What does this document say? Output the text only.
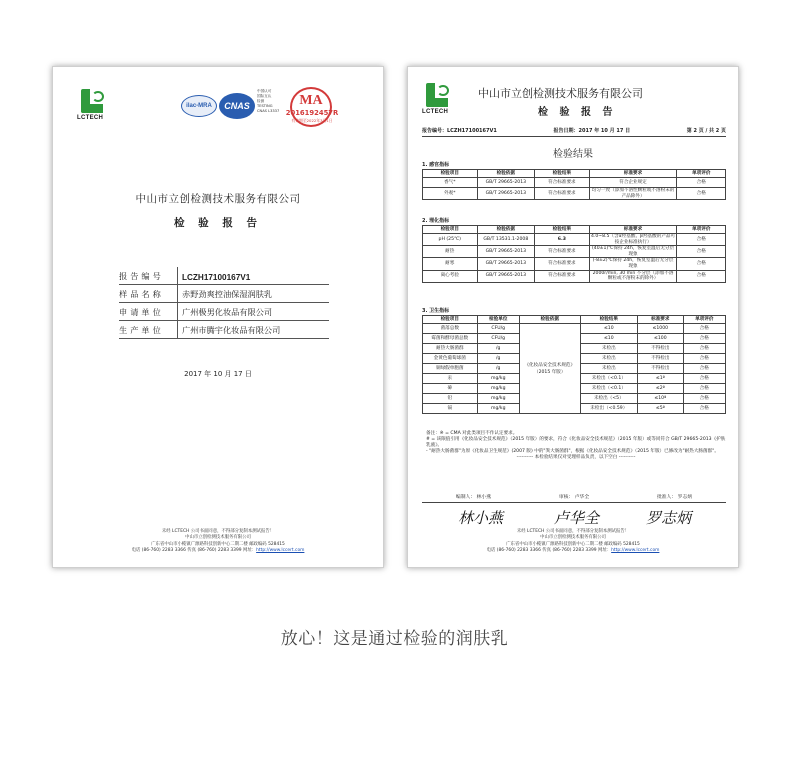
LCTECH
ilac-MRA	CNAS
中国认可
国际互认
检测
TESTING
CNAS L3337
MA
2016192457R
有效期至2022年3月1日
中山市立创检测技术服务有限公司
检 验 报 告
报告编号	LCZH17100167V1
样品名称	赤野劲爽控油保湿润肤乳
申请单位	广州极男化妆品有限公司
生产单位	广州市腾宇化妆品有限公司
2017 年 10 月 17 日
未经 LCTECH 公司书面同意，不得部分复制本测试报告！
中山市立创检测技术服务有限公司
广东省中山市小榄镇广源路科技创新中心二期二楼 邮政编码 528415
电话 (86-760) 2283 3366 传真 (86-760) 2283 3399 网址：http://www.lccert.com
LCTECH
中山市立创检测技术服务有限公司
检 验 报 告
报告编号：LCZH17100167V1	报告日期：2017 年 10 月 17 日	第 2 页 / 共 2 页
检验结果
1. 感官指标
检验项目	检验依据	检验结果	标准要求	单项评价
香气*	GB/T 29665-2013	符合标准要求	符合企业规定	合格
外观*	GB/T 29665-2013	符合标准要求	均匀一致（添加不溶性颗粒或不溶粉末的产品除外）	合格
2. 理化指标
检验项目	检验依据	检验结果	标准要求	单项评价
pH (25℃)	GB/T 13531.1-2008	6.3	4.0~8.5（含α羟基酸、β羟基酸的产品可按企业标准执行）	合格
耐热	GB/T 29665-2013	符合标准要求	(40±1)℃保持 24h，恢复室温后无分层现象	合格
耐寒	GB/T 29665-2013	符合标准要求	(-8±2)℃保持 24h，恢复室温后无分层现象	合格
离心考验	GB/T 29665-2013	符合标准要求	2000r/min, 30 min 不分层（添加不溶颗粒或不溶粉末的除外）	合格
3. 卫生指标
检验项目	检验单位	检验依据	检验结果	标准要求	单项评价
菌落总数	CFU/g	《化妆品安全技术规范》（2015 年版）	≤10	≤1000	合格
霉菌和酵母菌总数	CFU/g		≤10	≤100	合格
耐热大肠菌群	/g		未检出	不得检出	合格
金黄色葡萄球菌	/g		未检出	不得检出	合格
铜绿假单胞菌	/g		未检出	不得检出	合格
汞	mg/kg		未检出（<0.1）	≤1ª	合格
砷	mg/kg		未检出（<0.1）	≤2ª	合格
铅	mg/kg		未检出（<5）	≤10ª	合格
镉	mg/kg		未检出（<0.59）	≤5ª	合格
备注：※ = CMA 对此类项目不作认定要求。
# = 该限值引用《化妆品安全技术规范》（2015 年版）的要求，符合《化妆品安全技术规范》（2015 年版）或等同符合 GB/T 29665-2013《护肤乳液》。
- "耐热大肠菌群"为原《化妆品卫生规范》(2007 版) 中的"粪大肠菌群"，根据《化妆品安全技术规范》（2015 年版）已修改为"耐热大肠菌群"。
---------- 本检验结果仅对受理样品负责，以下空白 ----------
编制人： 林小燕	审核： 卢华全	批准人： 罗志炳
林小燕	卢华全	罗志炳
未经 LCTECH 公司书面同意，不得部分复制本测试报告！
中山市立创检测技术服务有限公司
广东省中山市小榄镇广源路科技创新中心二期二楼 邮政编码 528415
电话 (86-760) 2283 3366 传真 (86-760) 2283 3399 网址：http://www.lccert.com
放心！这是通过检验的润肤乳
